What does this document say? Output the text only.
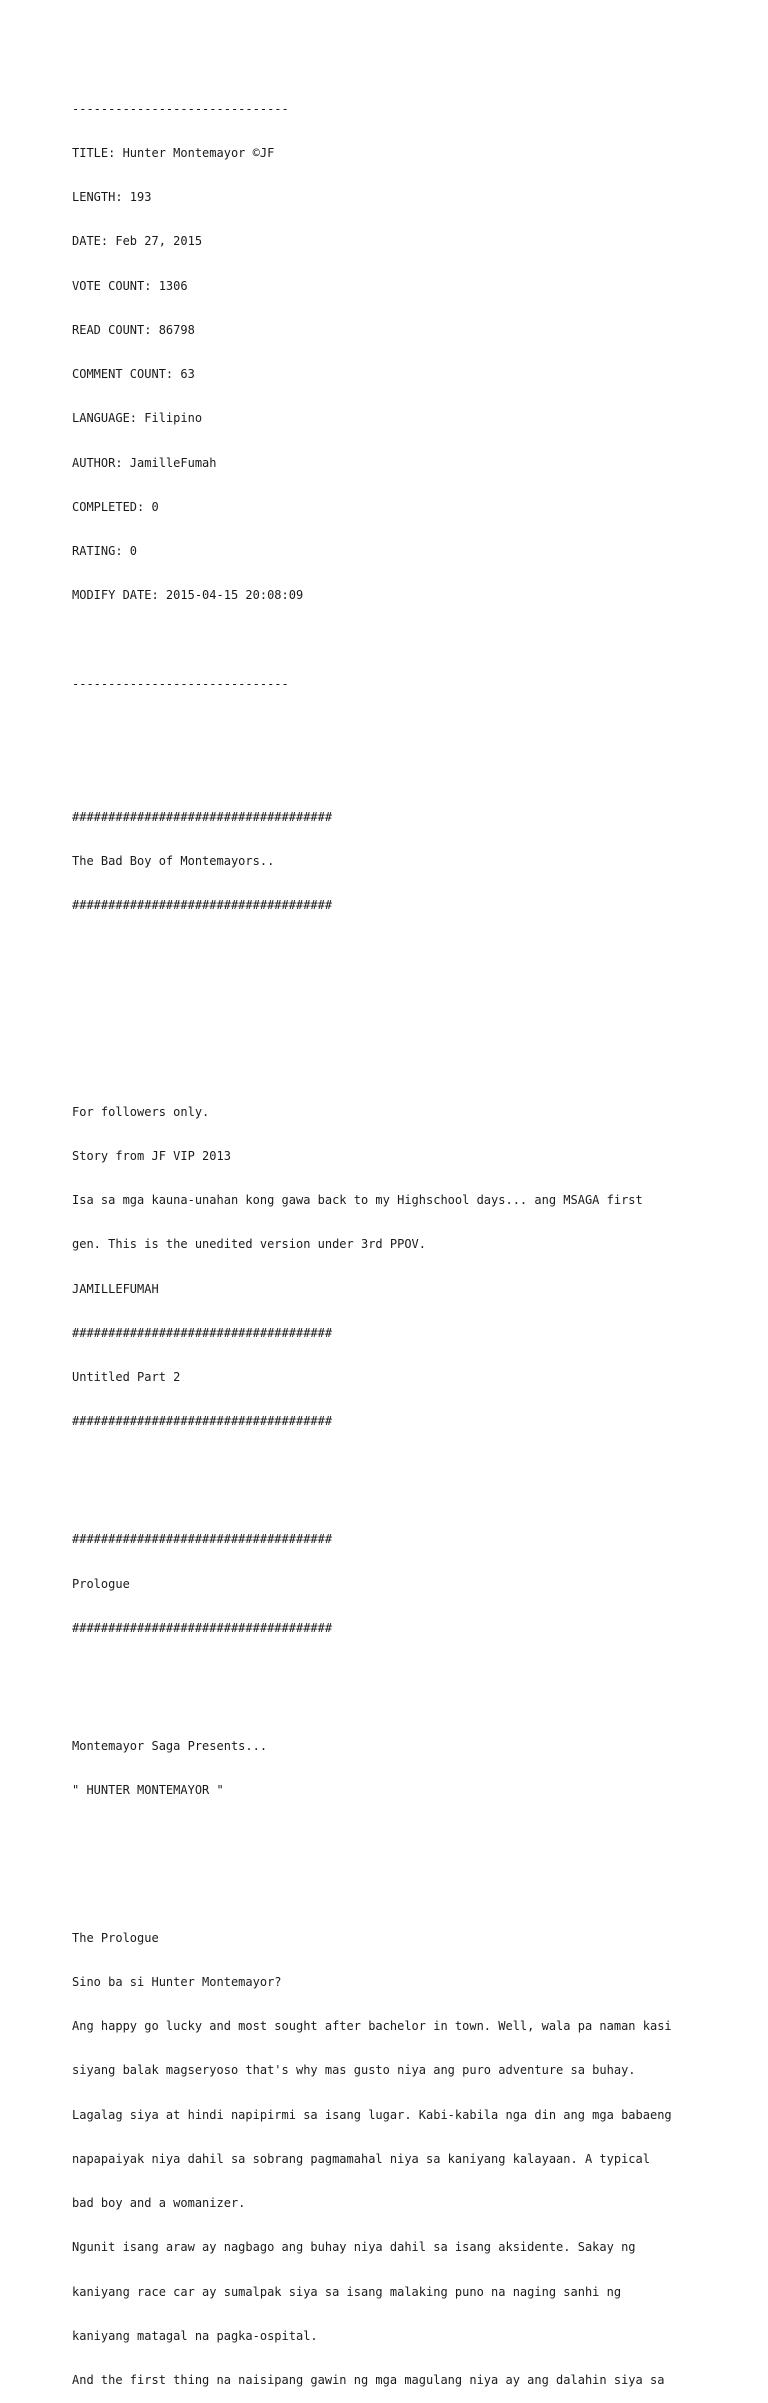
------------------------------

TITLE: Hunter Montemayor ©JF

LENGTH: 193

DATE: Feb 27, 2015

VOTE COUNT: 1306

READ COUNT: 86798

COMMENT COUNT: 63

LANGUAGE: Filipino

AUTHOR: JamilleFumah

COMPLETED: 0

RATING: 0

MODIFY DATE: 2015-04-15 20:08:09

------------------------------

####################################

The Bad Boy of Montemayors..

####################################

For followers only.

Story from JF VIP 2013

Isa sa mga kauna-unahan kong gawa back to my Highschool days... ang MSAGA first

gen. This is the unedited version under 3rd PPOV.

JAMILLEFUMAH

####################################

Untitled Part 2

####################################

####################################

Prologue

####################################

Montemayor Saga Presents...

" HUNTER MONTEMAYOR "

The Prologue

Sino ba si Hunter Montemayor?

Ang happy go lucky and most sought after bachelor in town. Well, wala pa naman kasi

siyang balak magseryoso that's why mas gusto niya ang puro adventure sa buhay.

Lagalag siya at hindi napipirmi sa isang lugar. Kabi-kabila nga din ang mga babaeng

napapaiyak niya dahil sa sobrang pagmamahal niya sa kaniyang kalayaan. A typical

bad boy and a womanizer.

Ngunit isang araw ay nagbago ang buhay niya dahil sa isang aksidente. Sakay ng

kaniyang race car ay sumalpak siya sa isang malaking puno na naging sanhi ng

kaniyang matagal na pagka-ospital.

And the first thing na naisipang gawin ng mga magulang niya ay ang dalahin siya sa
